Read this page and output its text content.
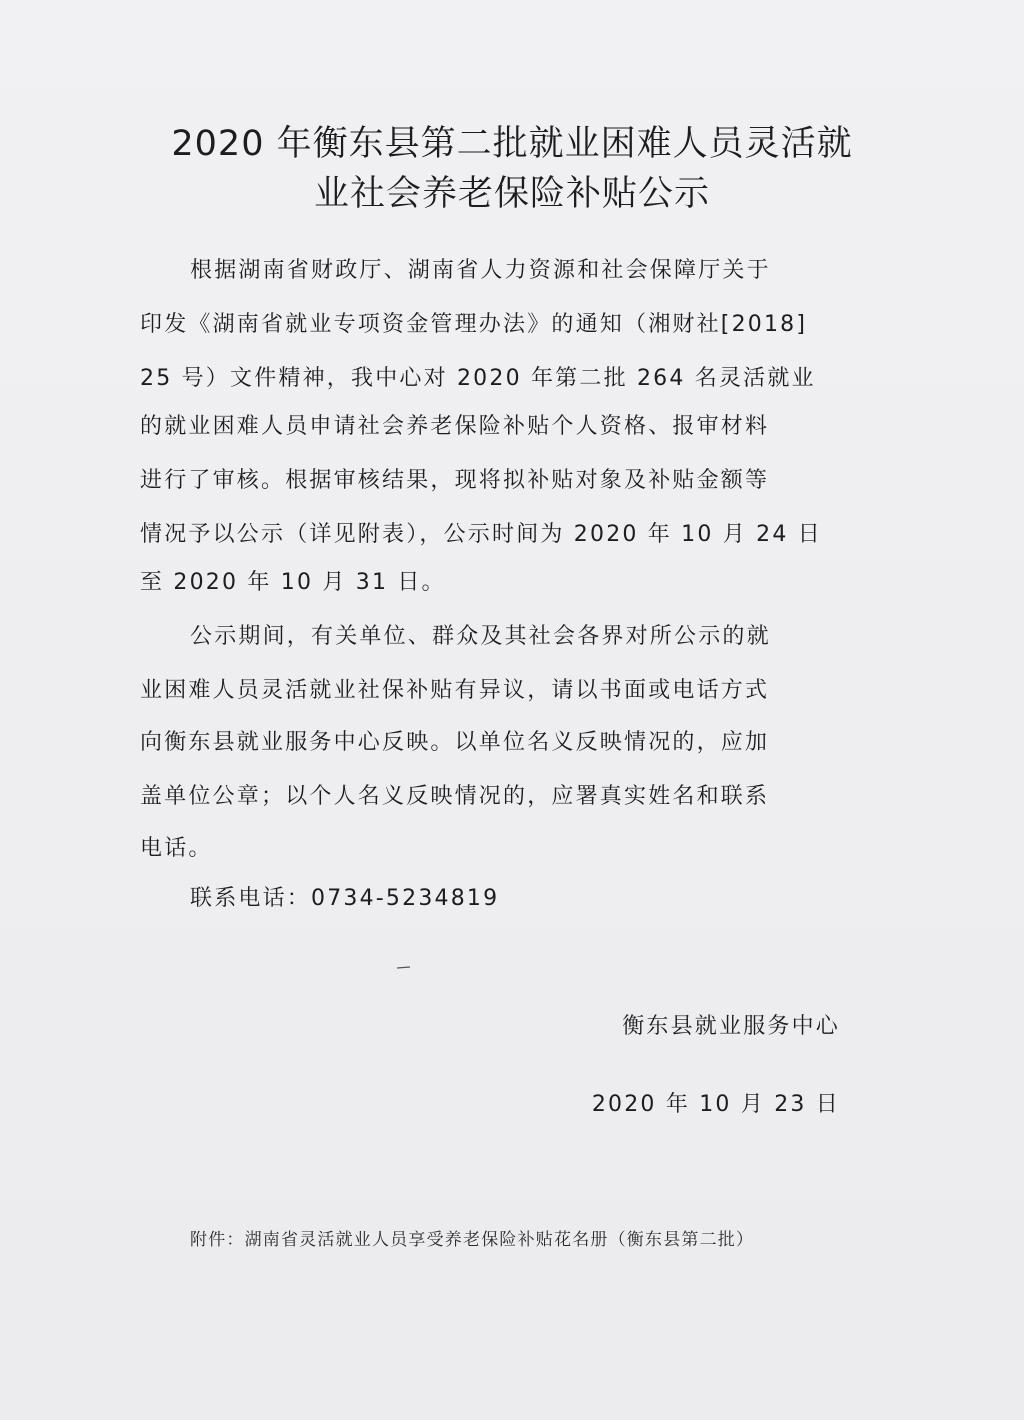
2020 年衡东县第二批就业困难人员灵活就
业社会养老保险补贴公示
根据湖南省财政厅、湖南省人力资源和社会保障厅关于
印发《湖南省就业专项资金管理办法》的通知（湘财社[2018]
25 号）文件精神，我中心对 2020 年第二批 264 名灵活就业
的就业困难人员申请社会养老保险补贴个人资格、报审材料
进行了审核。根据审核结果，现将拟补贴对象及补贴金额等
情况予以公示（详见附表），公示时间为 2020 年 10 月 24 日
至 2020 年 10 月 31 日。
公示期间，有关单位、群众及其社会各界对所公示的就
业困难人员灵活就业社保补贴有异议，请以书面或电话方式
向衡东县就业服务中心反映。以单位名义反映情况的，应加
盖单位公章；以个人名义反映情况的，应署真实姓名和联系
电话。
联系电话：0734-5234819
衡东县就业服务中心
2020 年 10 月 23 日
附件：湖南省灵活就业人员享受养老保险补贴花名册（衡东县第二批）
